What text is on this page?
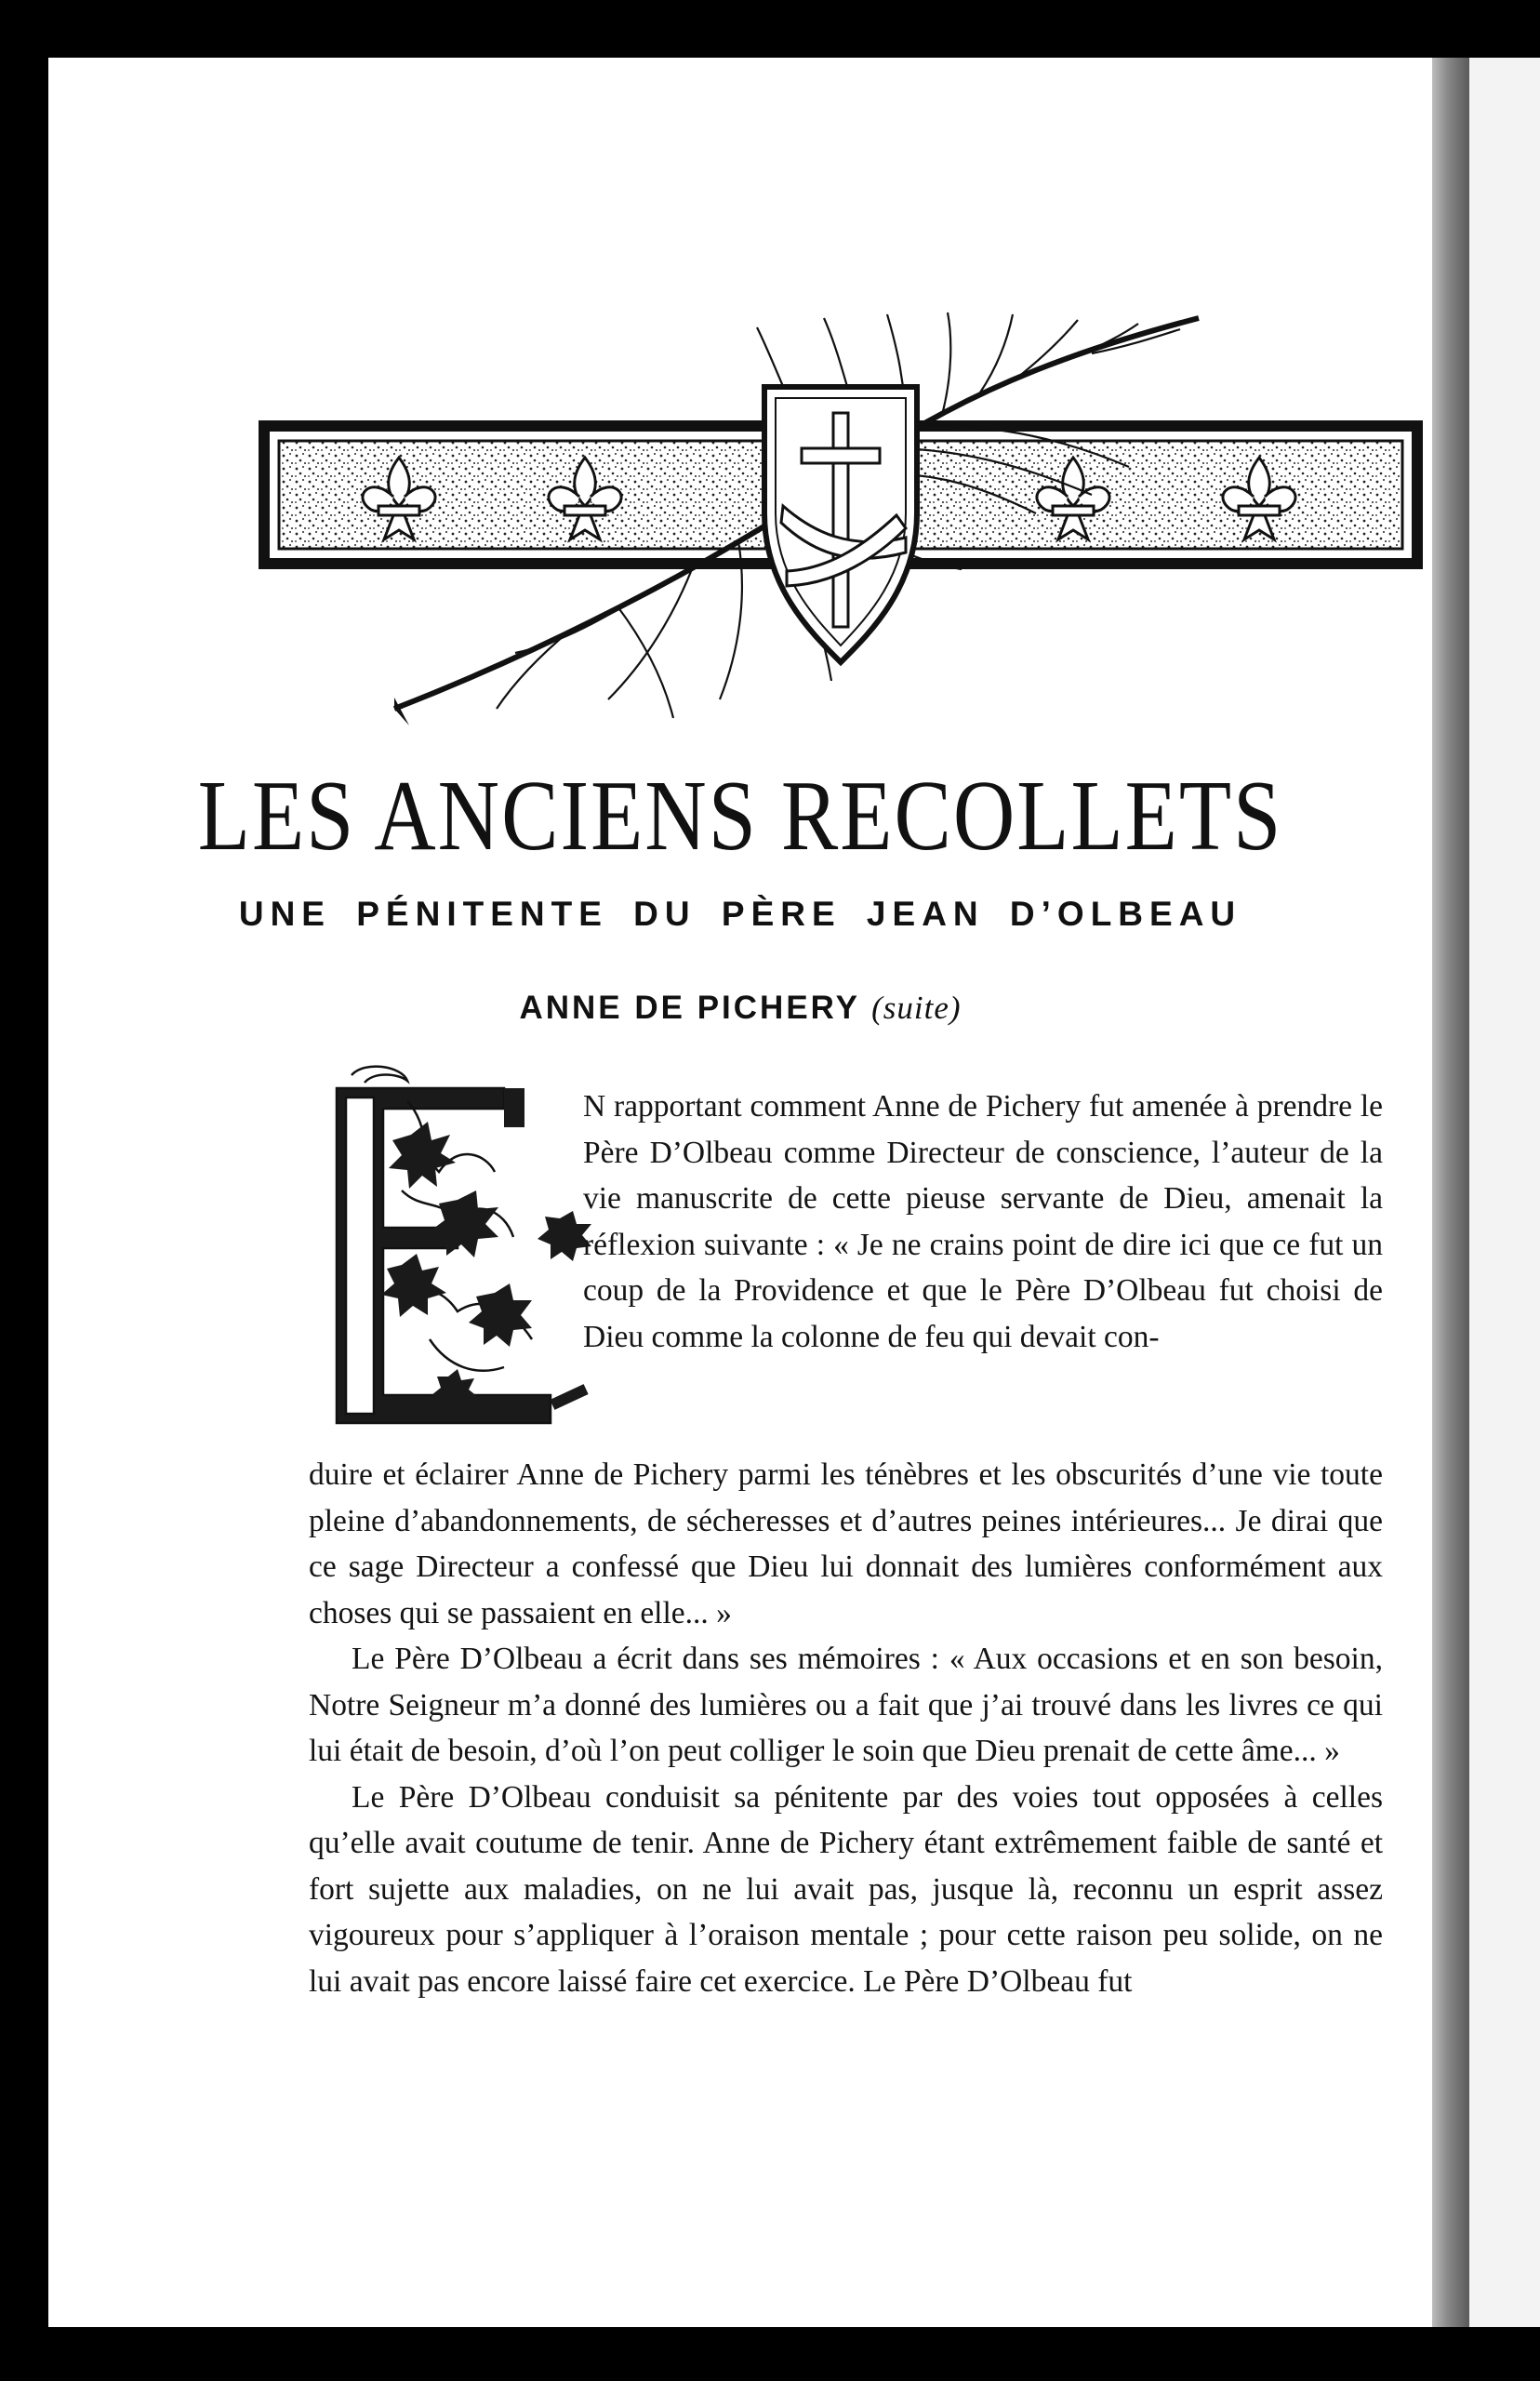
LES ANCIENS RECOLLETS
UNE PÉNITENTE DU PÈRE JEAN D’OLBEAU
ANNE DE PICHERY (suite)
N rapportant comment Anne de Pichery fut amenée à prendre le Père D’Olbeau comme Directeur de conscience, l’auteur de la vie manuscrite de cette pieuse servante de Dieu, amenait la réflexion suivante : « Je ne crains point de dire ici que ce fut un coup de la Providence et que le Père D’Olbeau fut choisi de Dieu comme la colonne de feu qui devait con-

duire et éclairer Anne de Pichery parmi les ténèbres et les obscurités d’une vie toute pleine d’abandonnements, de sécheresses et d’autres peines intérieures... Je dirai que ce sage Directeur a confessé que Dieu lui donnait des lumières conformément aux choses qui se passaient en elle... »

Le Père D’Olbeau a écrit dans ses mémoires : « Aux occasions et en son besoin, Notre Seigneur m’a donné des lumières ou a fait que j’ai trouvé dans les livres ce qui lui était de besoin, d’où l’on peut colliger le soin que Dieu prenait de cette âme... »

Le Père D’Olbeau conduisit sa pénitente par des voies tout opposées à celles qu’elle avait coutume de tenir. Anne de Pichery étant extrêmement faible de santé et fort sujette aux maladies, on ne lui avait pas, jusque là, reconnu un esprit assez vigoureux pour s’appliquer à l’oraison mentale ; pour cette raison peu solide, on ne lui avait pas encore laissé faire cet exercice. Le Père D’Olbeau fut
